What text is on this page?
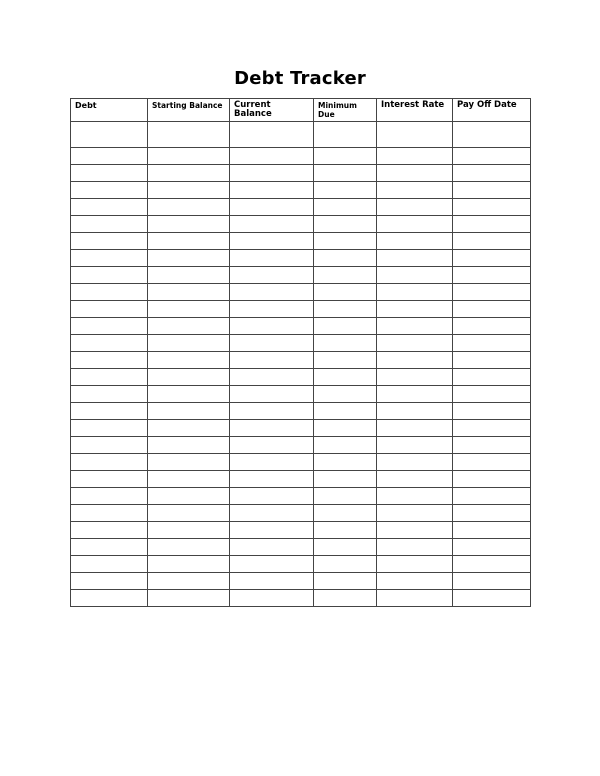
Debt Tracker
Debt	Starting Balance	Current Balance	Minimum Due	Interest Rate	Pay Off Date
